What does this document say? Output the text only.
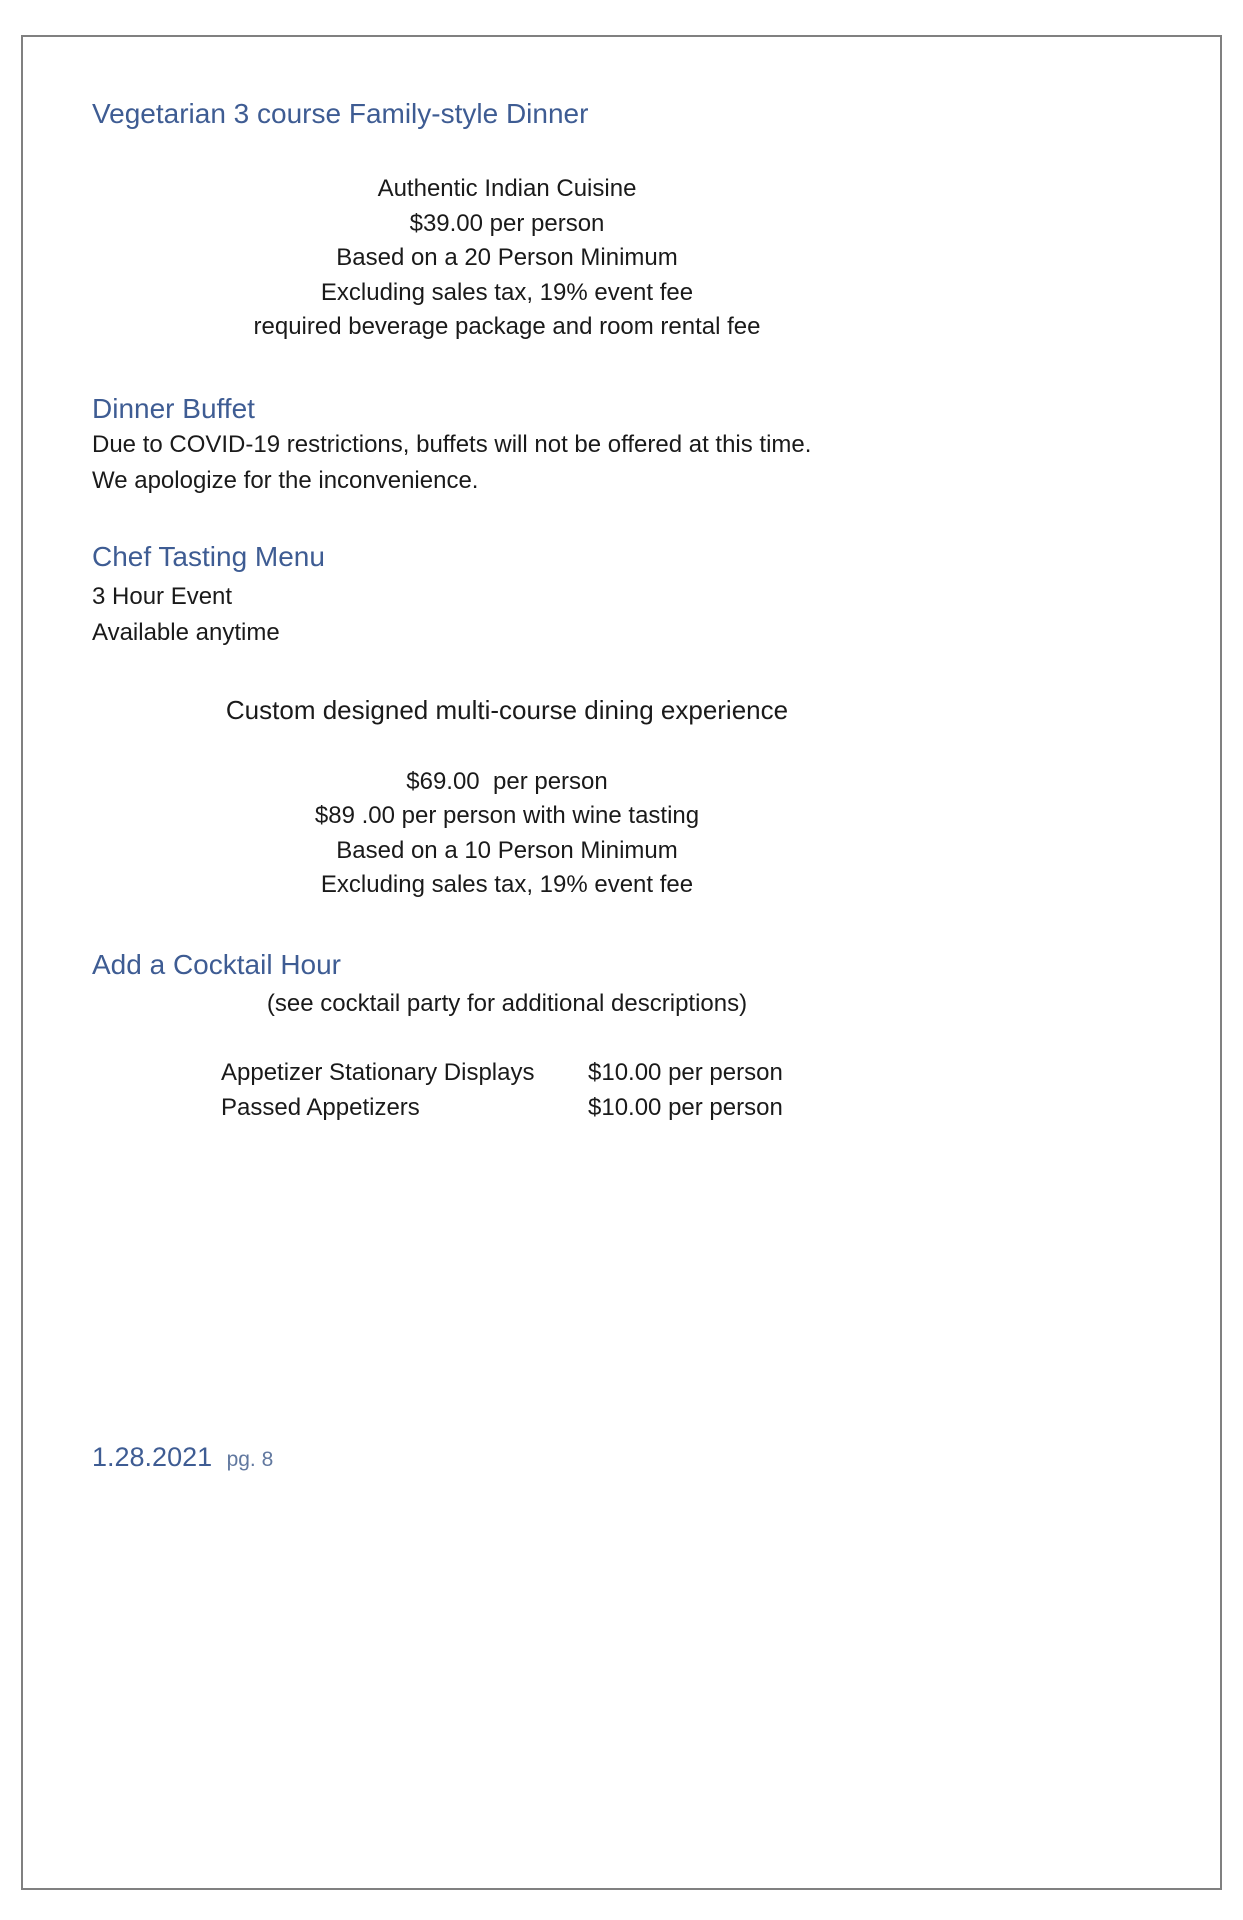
Vegetarian 3 course Family-style Dinner
Authentic Indian Cuisine
$39.00 per person
Based on a 20 Person Minimum
Excluding sales tax, 19% event fee
required beverage package and room rental fee
Dinner Buffet
Due to COVID-19 restrictions, buffets will not be offered at this time.
We apologize for the inconvenience.
Chef Tasting Menu
3 Hour Event
Available anytime
Custom designed multi-course dining experience
$69.00  per person
$89 .00 per person with wine tasting
Based on a 10 Person Minimum
Excluding sales tax, 19% event fee
Add a Cocktail Hour
(see cocktail party for additional descriptions)
Appetizer Stationary Displays	$10.00 per person
Passed Appetizers	$10.00 per person
1.28.2021 pg. 8
